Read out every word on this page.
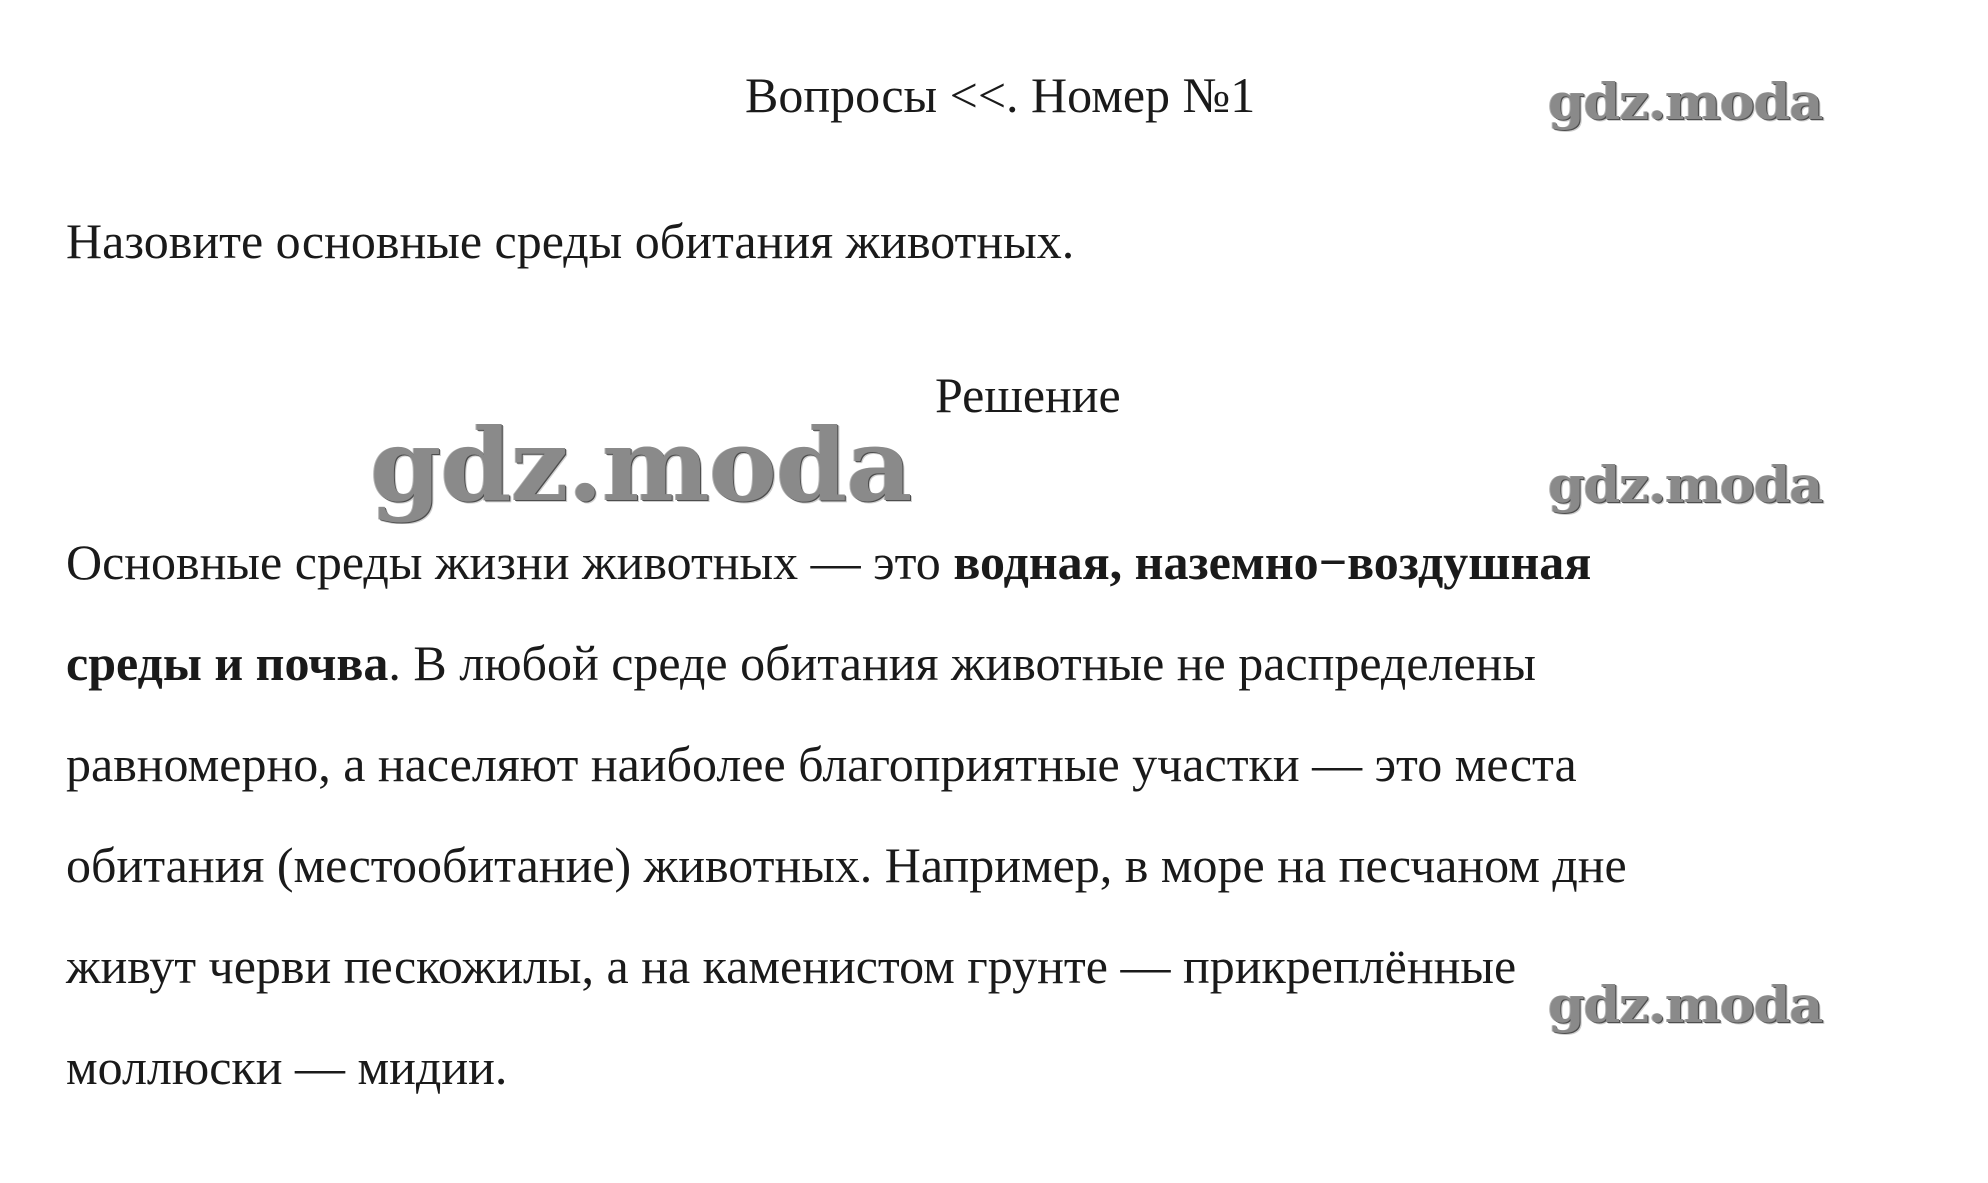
Вопросы <<. Номер №1
Назовите основные среды обитания животных.
Решение
Основные среды жизни животных — это водная, наземно−воздушная
среды и почва. В любой среде обитания животные не распределены
равномерно, а населяют наиболее благоприятные участки — это места
обитания (местообитание) животных. Например, в море на песчаном дне
живут черви пескожилы, а на каменистом грунте — прикреплённые
моллюски — мидии.
gdz.moda
gdz.moda	gdz.moda
gdz.moda
